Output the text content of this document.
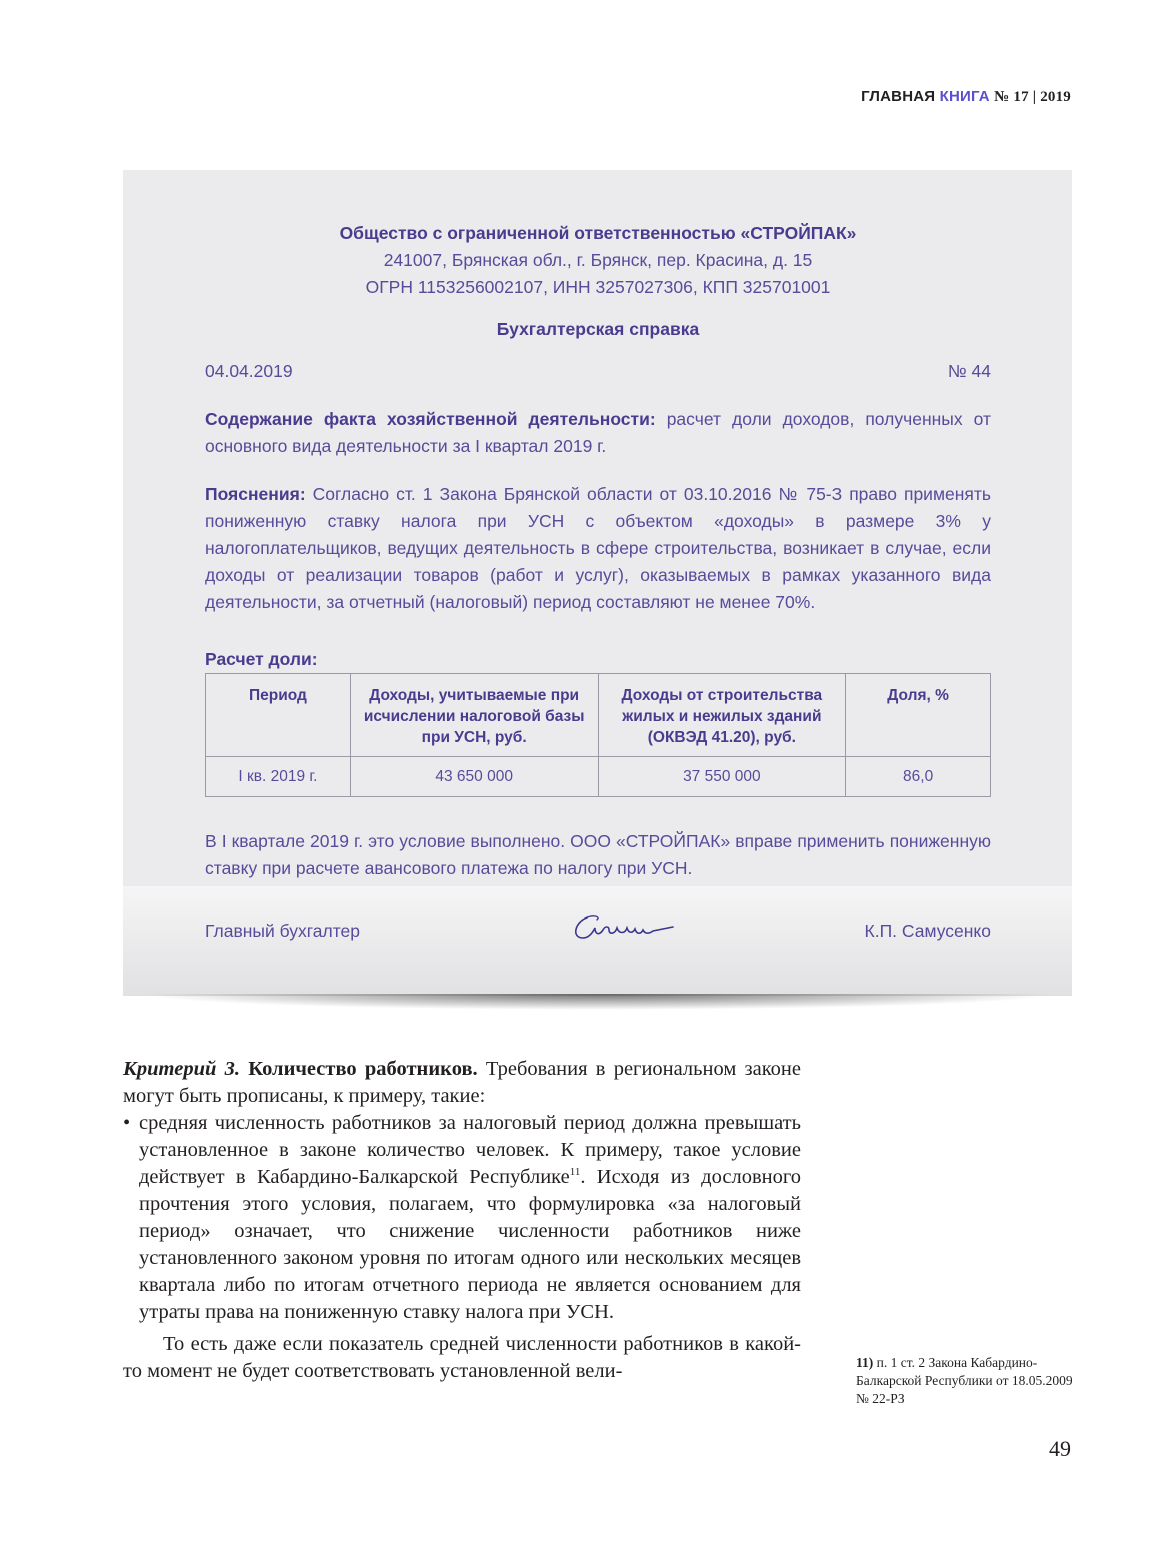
ГЛАВНАЯ КНИГА № 17 | 2019
Общество с ограниченной ответственностью «СТРОЙПАК»
241007, Брянская обл., г. Брянск, пер. Красина, д. 15
ОГРН 1153256002107, ИНН 3257027306, КПП 325701001
Бухгалтерская справка
04.04.2019	№ 44
Содержание факта хозяйственной деятельности: расчет доли доходов, полученных от основного вида деятельности за I квартал 2019 г.
Пояснения: Согласно ст. 1 Закона Брянской области от 03.10.2016 № 75-З право применять пониженную ставку налога при УСН с объектом «доходы» в размере 3% у налогоплательщиков, ведущих деятельность в сфере строительства, возникает в случае, если доходы от реализации товаров (работ и услуг), оказываемых в рамках указанного вида деятельности, за отчетный (налоговый) период составляют не менее 70%.
Расчет доли:
Период	Доходы, учитываемые при исчислении налоговой базы при УСН, руб.	Доходы от строительства жилых и нежилых зданий (ОКВЭД 41.20), руб.	Доля, %
I кв. 2019 г.	43 650 000	37 550 000	86,0
В I квартале 2019 г. это условие выполнено. ООО «СТРОЙПАК» вправе применить пониженную ставку при расчете авансового платежа по налогу при УСН.
Главный бухгалтер	К.П. Самусенко

Критерий 3. Количество работников. Требования в региональном законе могут быть прописаны, к примеру, такие:

• средняя численность работников за налоговый период должна превышать установленное в законе количество человек. К примеру, такое условие действует в Кабардино-Балкарской Республике$^{11}$. Исходя из дословного прочтения этого условия, полагаем, что формулировка «за налоговый период» означает, что снижение численности работников ниже установленного законом уровня по итогам одного или нескольких месяцев квартала либо по итогам отчетного периода не является основанием для утраты права на пониженную ставку налога при УСН.

То есть даже если показатель средней численности работников в какой-то момент не будет соответствовать установленной вели-	11) п. 1 ст. 2 Закона Кабардино-Балкарской Республики от 18.05.2009 № 22-РЗ
49
